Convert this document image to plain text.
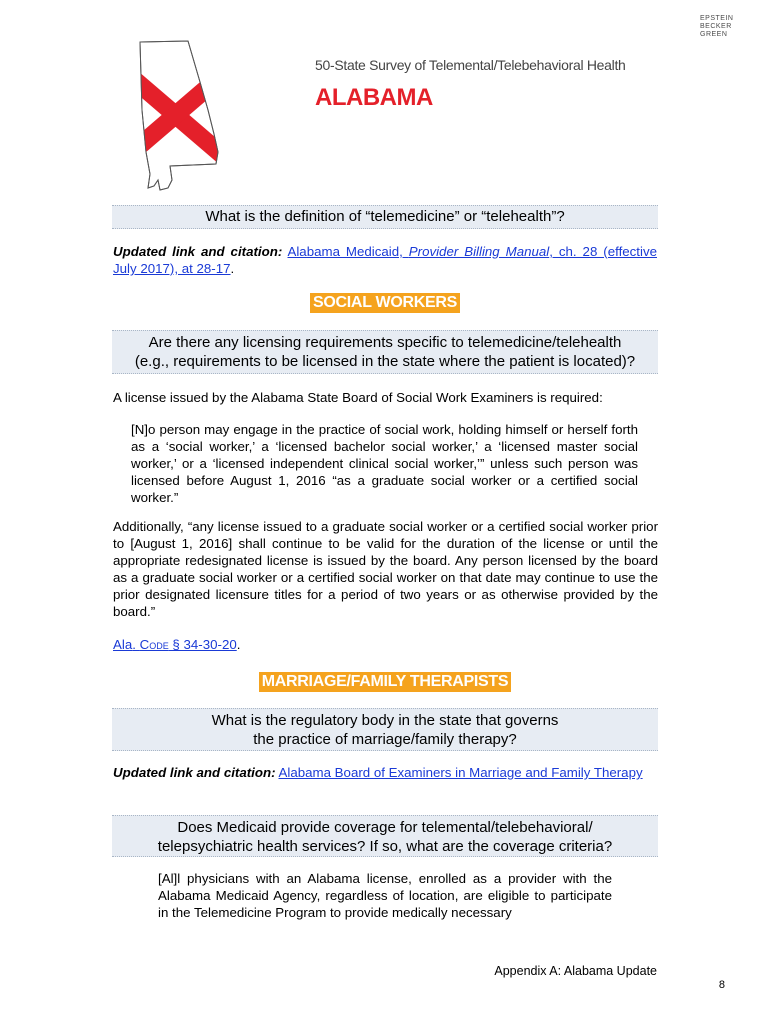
EPSTEIN
BECKER
GREEN
50-State Survey of Telemental/Telebehavioral Health
ALABAMA
What is the definition of “telemedicine” or “telehealth”?
Updated link and citation: Alabama Medicaid, Provider Billing Manual, ch. 28 (effective July 2017), at 28-17.
SOCIAL WORKERS
Are there any licensing requirements specific to telemedicine/telehealth
(e.g., requirements to be licensed in the state where the patient is located)?
A license issued by the Alabama State Board of Social Work Examiners is required:
[N]o person may engage in the practice of social work, holding himself or herself forth as a ‘social worker,’ a ‘licensed bachelor social worker,’ a ‘licensed master social worker,’ or a ‘licensed independent clinical social worker,’” unless such person was licensed before August 1, 2016 “as a graduate social worker or a certified social worker.”
Additionally, “any license issued to a graduate social worker or a certified social worker prior to [August 1, 2016] shall continue to be valid for the duration of the license or until the appropriate redesignated license is issued by the board. Any person licensed by the board as a graduate social worker or a certified social worker on that date may continue to use the prior designated licensure titles for a period of two years or as otherwise provided by the board.”
Ala. Code § 34-30-20.
MARRIAGE/FAMILY THERAPISTS
What is the regulatory body in the state that governs
the practice of marriage/family therapy?
Updated link and citation: Alabama Board of Examiners in Marriage and Family Therapy
Does Medicaid provide coverage for telemental/telebehavioral/
telepsychiatric health services? If so, what are the coverage criteria?
[Al]l physicians with an Alabama license, enrolled as a provider with the Alabama Medicaid Agency, regardless of location, are eligible to participate in the Telemedicine Program to provide medically necessary
Appendix A: Alabama Update
8
